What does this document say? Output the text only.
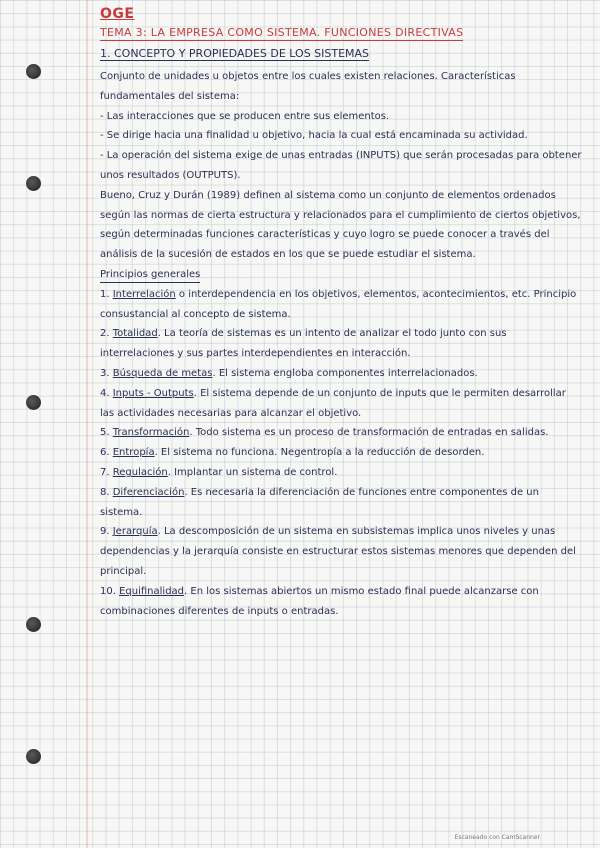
OGE
TEMA 3: LA EMPRESA COMO SISTEMA. FUNCIONES DIRECTIVAS
1. CONCEPTO Y PROPIEDADES DE LOS SISTEMAS

Conjunto de unidades u objetos entre los cuales existen relaciones. Características fundamentales del sistema:

- Las interacciones que se producen entre sus elementos.

- Se dirige hacia una finalidad u objetivo, hacia la cual está encaminada su actividad.

- La operación del sistema exige de unas entradas (INPUTS) que serán procesadas para obtener unos resultados (OUTPUTS).

Bueno, Cruz y Durán (1989) definen al sistema como un conjunto de elementos ordenados según las normas de cierta estructura y relacionados para el cumplimiento de ciertos objetivos, según determinadas funciones características y cuyo logro se puede conocer a través del análisis de la sucesión de estados en los que se puede estudiar el sistema.

Principios generales

1. Interrelación o interdependencia en los objetivos, elementos, acontecimientos, etc. Principio consustancial al concepto de sistema.

2. Totalidad. La teoría de sistemas es un intento de analizar el todo junto con sus interrelaciones y sus partes interdependientes en interacción.

3. Búsqueda de metas. El sistema engloba componentes interrelacionados.

4. Inputs - Outputs. El sistema depende de un conjunto de inputs que le permiten desarrollar las actividades necesarias para alcanzar el objetivo.

5. Transformación. Todo sistema es un proceso de transformación de entradas en salidas.

6. Entropía. El sistema no funciona. Negentropía a la reducción de desorden.

7. Regulación. Implantar un sistema de control.

8. Diferenciación. Es necesaria la diferenciación de funciones entre componentes de un sistema.

9. Jerarquía. La descomposición de un sistema en subsistemas implica unos niveles y unas dependencias y la jerarquía consiste en estructurar estos sistemas menores que dependen del principal.

10. Equifinalidad. En los sistemas abiertos un mismo estado final puede alcanzarse con combinaciones diferentes de inputs o entradas.

Escaneado con CamScanner
